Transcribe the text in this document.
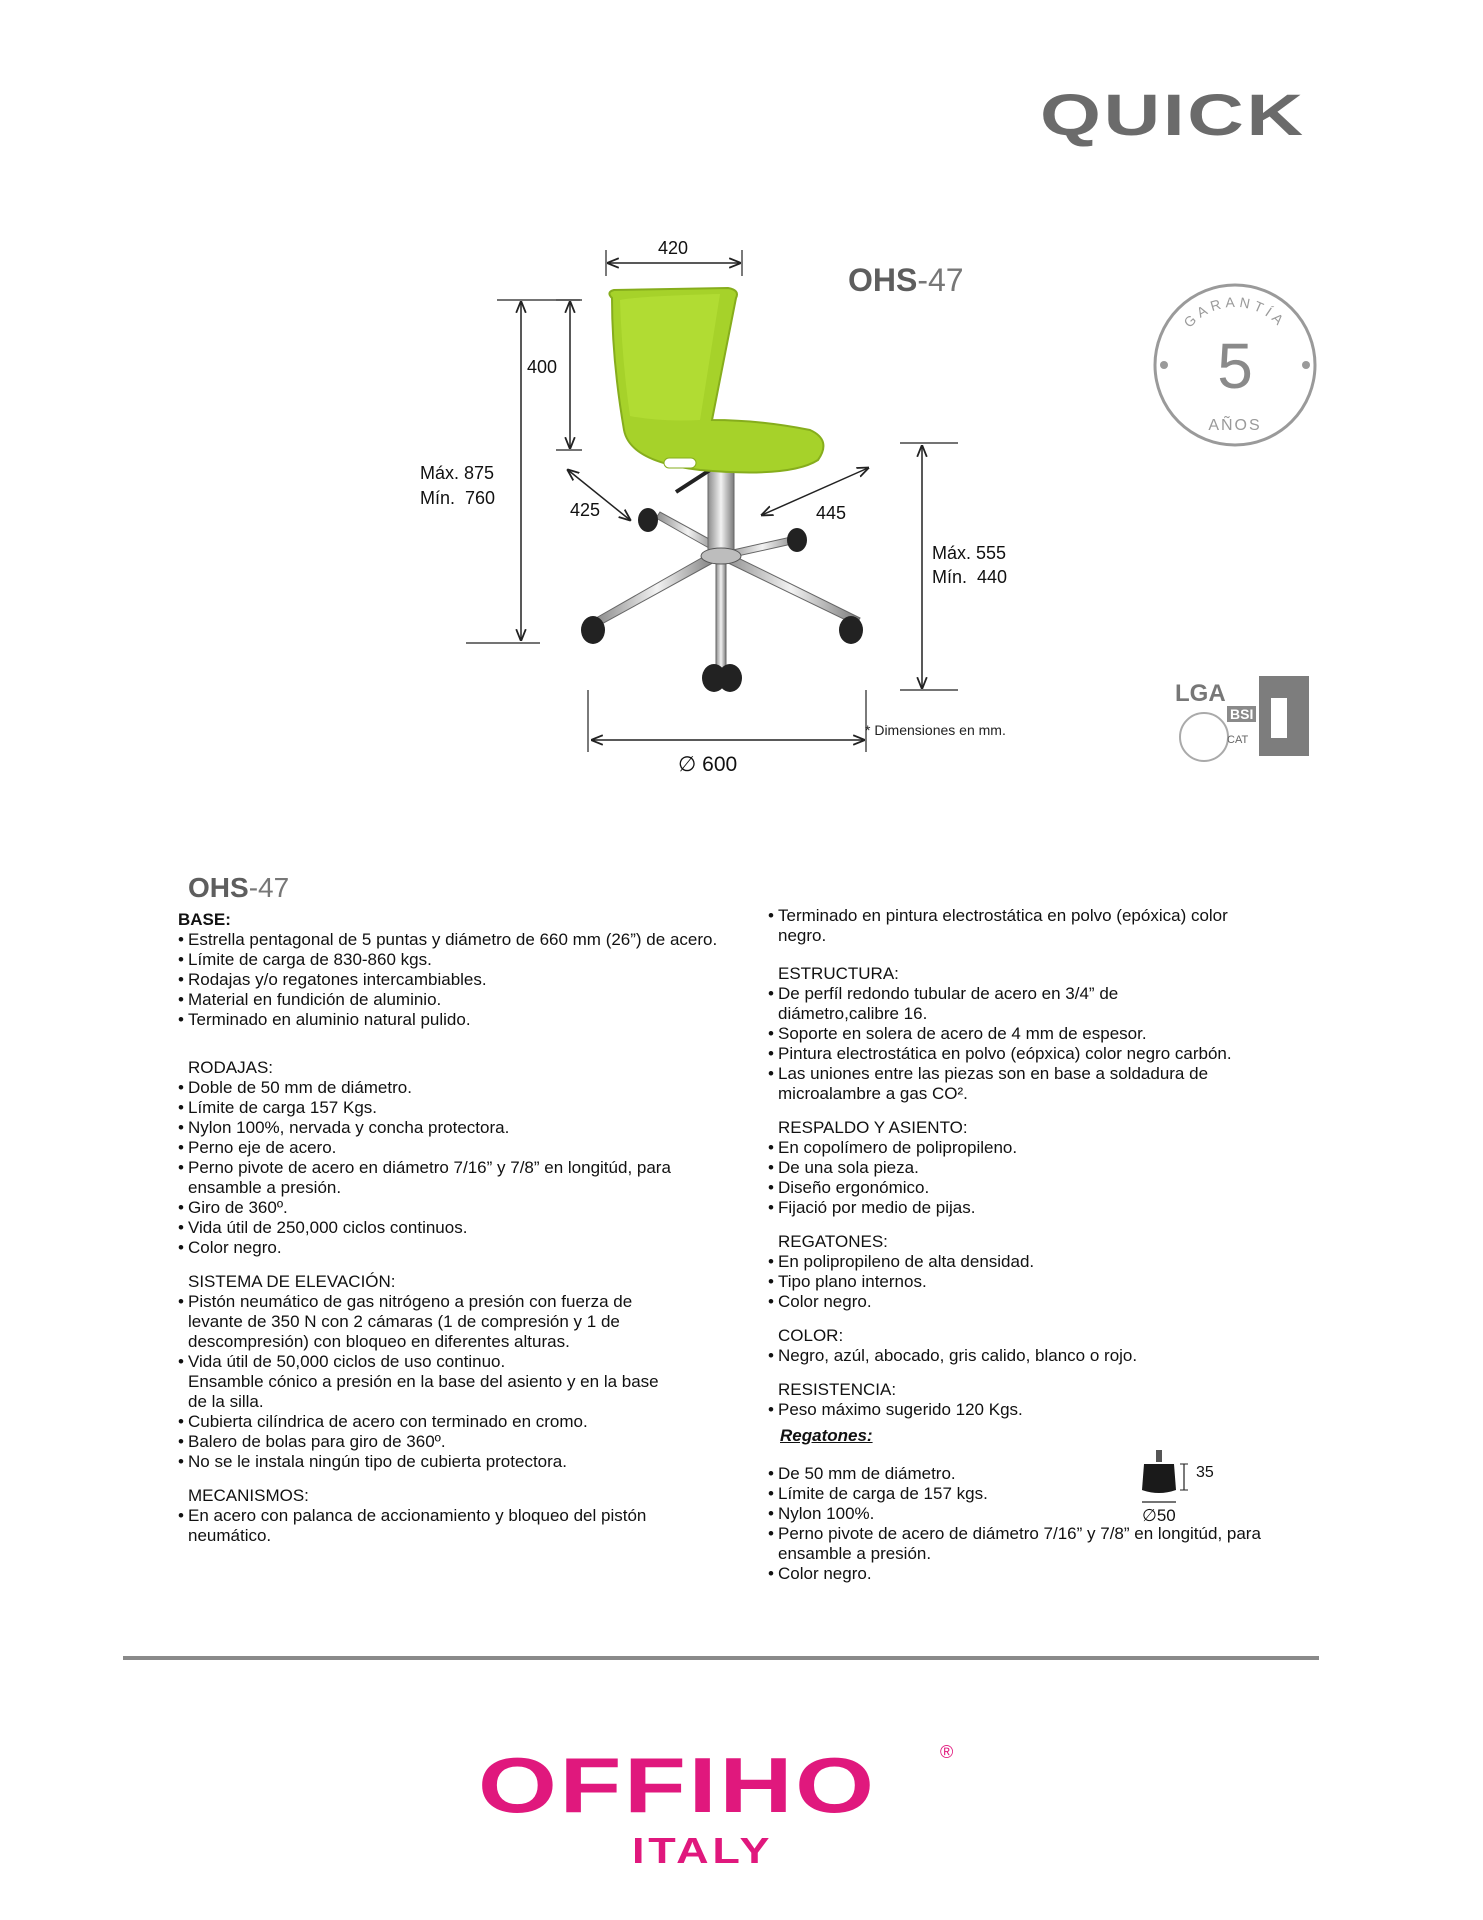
QUICK
OHS-47
420
400
Máx. 875
Mín.  760
425	445
Máx. 555
Mín.  440
∅ 600
* Dimensiones en mm.
GARANTÍA
5
AÑOS
LGA
BSI
CAT
OHS-47
BASE:
• Estrella pentagonal de 5 puntas y diámetro de 660 mm (26”) de acero.
• Límite de carga de 830-860 kgs.
• Rodajas y/o regatones intercambiables.
• Material en fundición de aluminio.
• Terminado en aluminio natural pulido.
RODAJAS:
• Doble de 50 mm de diámetro.
• Límite de carga 157 Kgs.
• Nylon 100%, nervada y concha protectora.
• Perno eje de acero.
• Perno pivote de acero en diámetro 7/16” y 7/8” en longitúd, para ensamble a presión.
• Giro de 360º.
• Vida útil de 250,000 ciclos continuos.
• Color negro.
SISTEMA DE ELEVACIÓN:
• Pistón neumático de gas nitrógeno a presión con fuerza de levante de 350 N con 2 cámaras (1 de compresión y 1 de descompresión) con bloqueo en diferentes alturas.
• Vida útil de 50,000 ciclos de uso continuo.
Ensamble cónico a presión en la base del asiento y en la base de la silla.
• Cubierta cilíndrica de acero con terminado en cromo.
• Balero de bolas para giro de 360º.
• No se le instala ningún tipo de cubierta protectora.
MECANISMOS:
• En acero con palanca de accionamiento y bloqueo del pistón neumático.
• Terminado en pintura electrostática en polvo (epóxica) color negro.
ESTRUCTURA:
• De perfíl redondo tubular de acero en 3/4” de diámetro,calibre 16.
• Soporte en solera de acero de 4 mm de espesor.
• Pintura electrostática en polvo (eópxica) color negro carbón.
• Las uniones entre las piezas son en base a soldadura de microalambre a gas CO².
RESPALDO Y ASIENTO:
• En copolímero de polipropileno.
• De una sola pieza.
• Diseño ergonómico.
• Fijació por medio de pijas.
REGATONES:
• En polipropileno de alta densidad.
• Tipo plano internos.
• Color negro.
COLOR:
• Negro, azúl, abocado, gris calido, blanco o rojo.
RESISTENCIA:
• Peso máximo sugerido 120 Kgs.
Regatones:
• De 50 mm de diámetro.
• Límite de carga de 157 kgs.
• Nylon 100%.
• Perno pivote de acero de diámetro 7/16” y 7/8” en longitúd, para ensamble a presión.
• Color negro.
35
∅50
OFFIHO	®
ITALY
